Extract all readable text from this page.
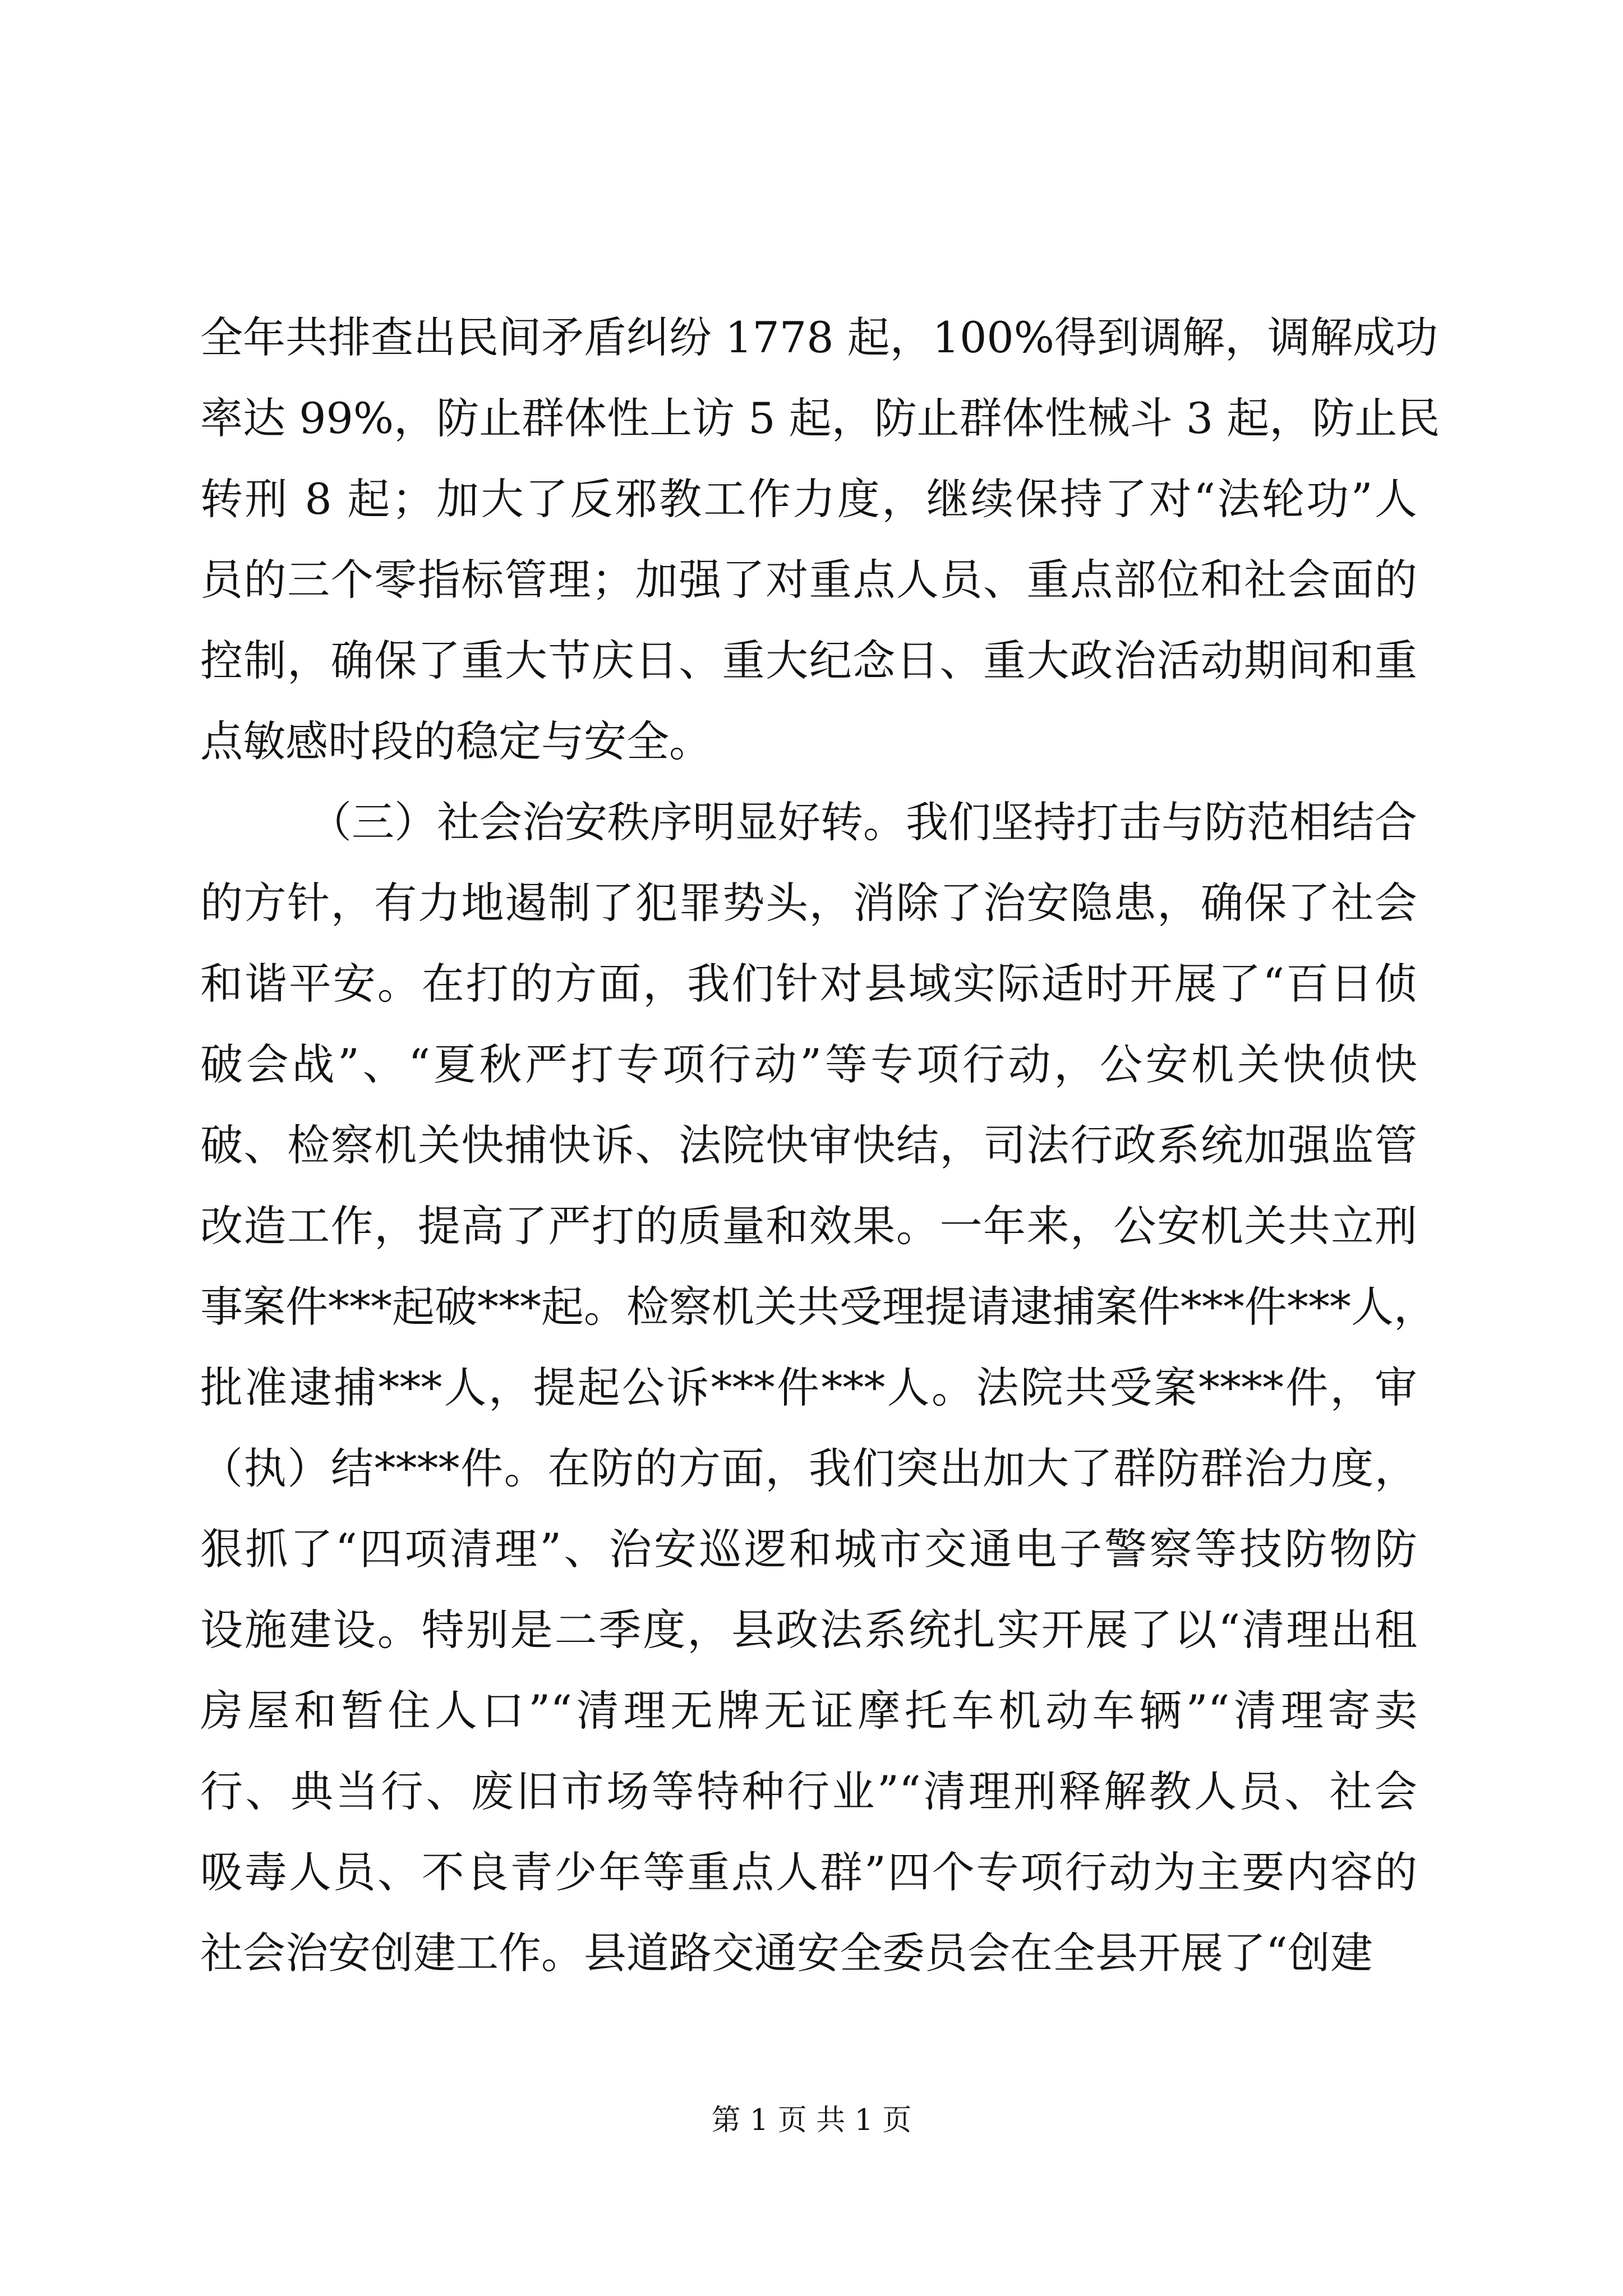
全年共排查出民间矛盾纠纷 1778 起，100%得到调解，调解成功
率达 99%，防止群体性上访 5 起，防止群体性械斗 3 起，防止民
转刑 8 起；加大了反邪教工作力度，继续保持了对“法轮功”人
员的三个零指标管理；加强了对重点人员、重点部位和社会面的
控制，确保了重大节庆日、重大纪念日、重大政治活动期间和重
点敏感时段的稳定与安全。
（三）社会治安秩序明显好转。我们坚持打击与防范相结合
的方针，有力地遏制了犯罪势头，消除了治安隐患，确保了社会
和谐平安。在打的方面，我们针对县域实际适时开展了“百日侦
破会战”、“夏秋严打专项行动”等专项行动，公安机关快侦快
破、检察机关快捕快诉、法院快审快结，司法行政系统加强监管
改造工作，提高了严打的质量和效果。一年来，公安机关共立刑
事案件***起破***起。检察机关共受理提请逮捕案件***件***人，
批准逮捕***人，提起公诉***件***人。法院共受案****件，审
（执）结****件。在防的方面，我们突出加大了群防群治力度，
狠抓了“四项清理”、治安巡逻和城市交通电子警察等技防物防
设施建设。特别是二季度，县政法系统扎实开展了以“清理出租
房屋和暂住人口”“清理无牌无证摩托车机动车辆”“清理寄卖
行、典当行、废旧市场等特种行业”“清理刑释解教人员、社会
吸毒人员、不良青少年等重点人群”四个专项行动为主要内容的
社会治安创建工作。县道路交通安全委员会在全县开展了“创建
第 1 页 共 1 页
